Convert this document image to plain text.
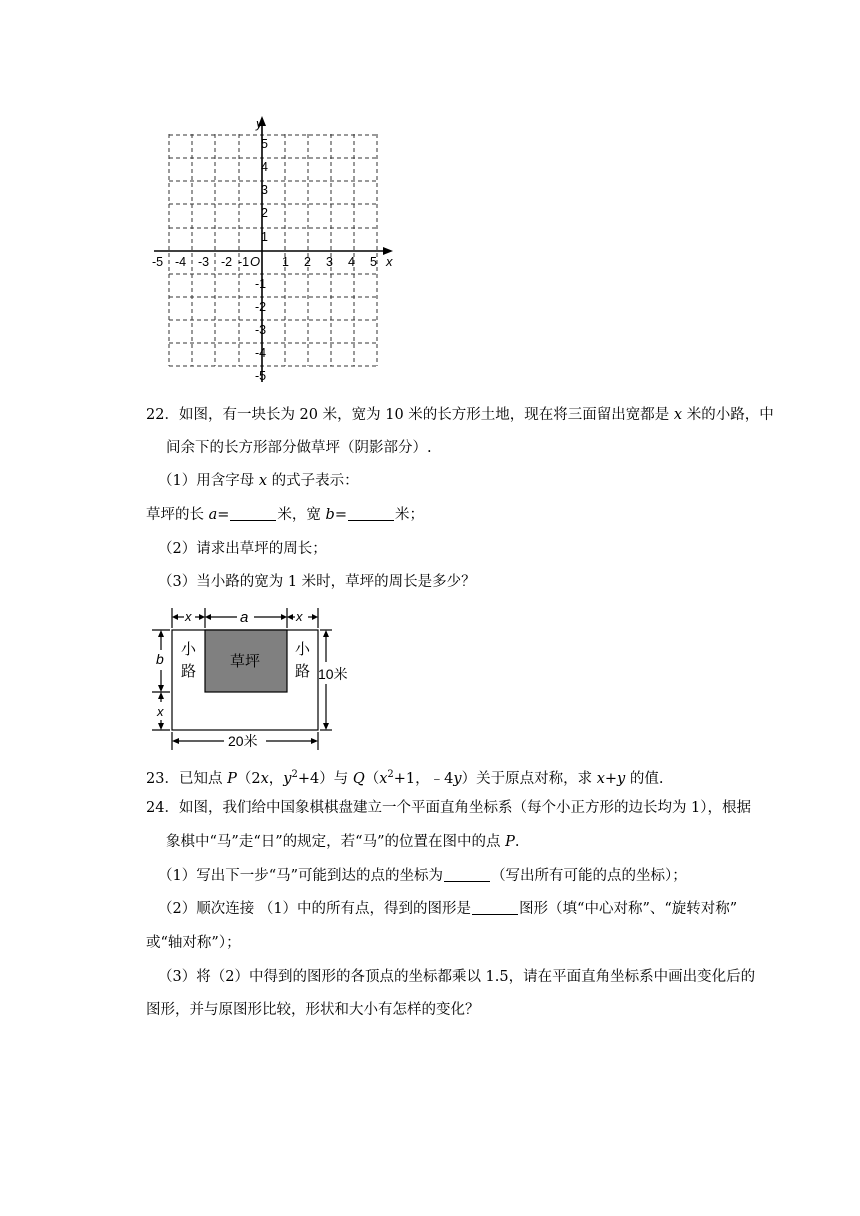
x
y
O
-5 -4 -3 -2 -1	1 2 3 4 5
5
4
3
2
1
-1
-2
-3
-4
-5
22．如图，有一块长为 20 米，宽为 10 米的长方形土地，现在将三面留出宽都是 x 米的小路，中
间余下的长方形部分做草坪（阴影部分）.
（1）用含字母 x 的式子表示：
草坪的长 a=	米，宽 b=	米；
（2）请求出草坪的周长；
（3）当小路的宽为 1 米时，草坪的周长是多少？
x	a	x
小
路
草坪
小
路 10米
b
x
20米
23．已知点 P（2x，$y^2+4$）与 $Q(x^2+1$，﹣4y）关于原点对称，求 x+y 的值.
24．如图，我们给中国象棋棋盘建立一个平面直角坐标系（每个小正方形的边长均为 1），根据
象棋中“马”走“日”的规定，若“马”的位置在图中的点 P.
（1）写出下一步“马”可能到达的点的坐标为	（写出所有可能的点的坐标）；
（2）顺次连接 （1）中的所有点，得到的图形是	图形（填“中心对称”、“旋转对称”
或“轴对称”）；
（3）将（2）中得到的图形的各顶点的坐标都乘以 1.5，请在平面直角坐标系中画出变化后的
图形，并与原图形比较，形状和大小有怎样的变化？
